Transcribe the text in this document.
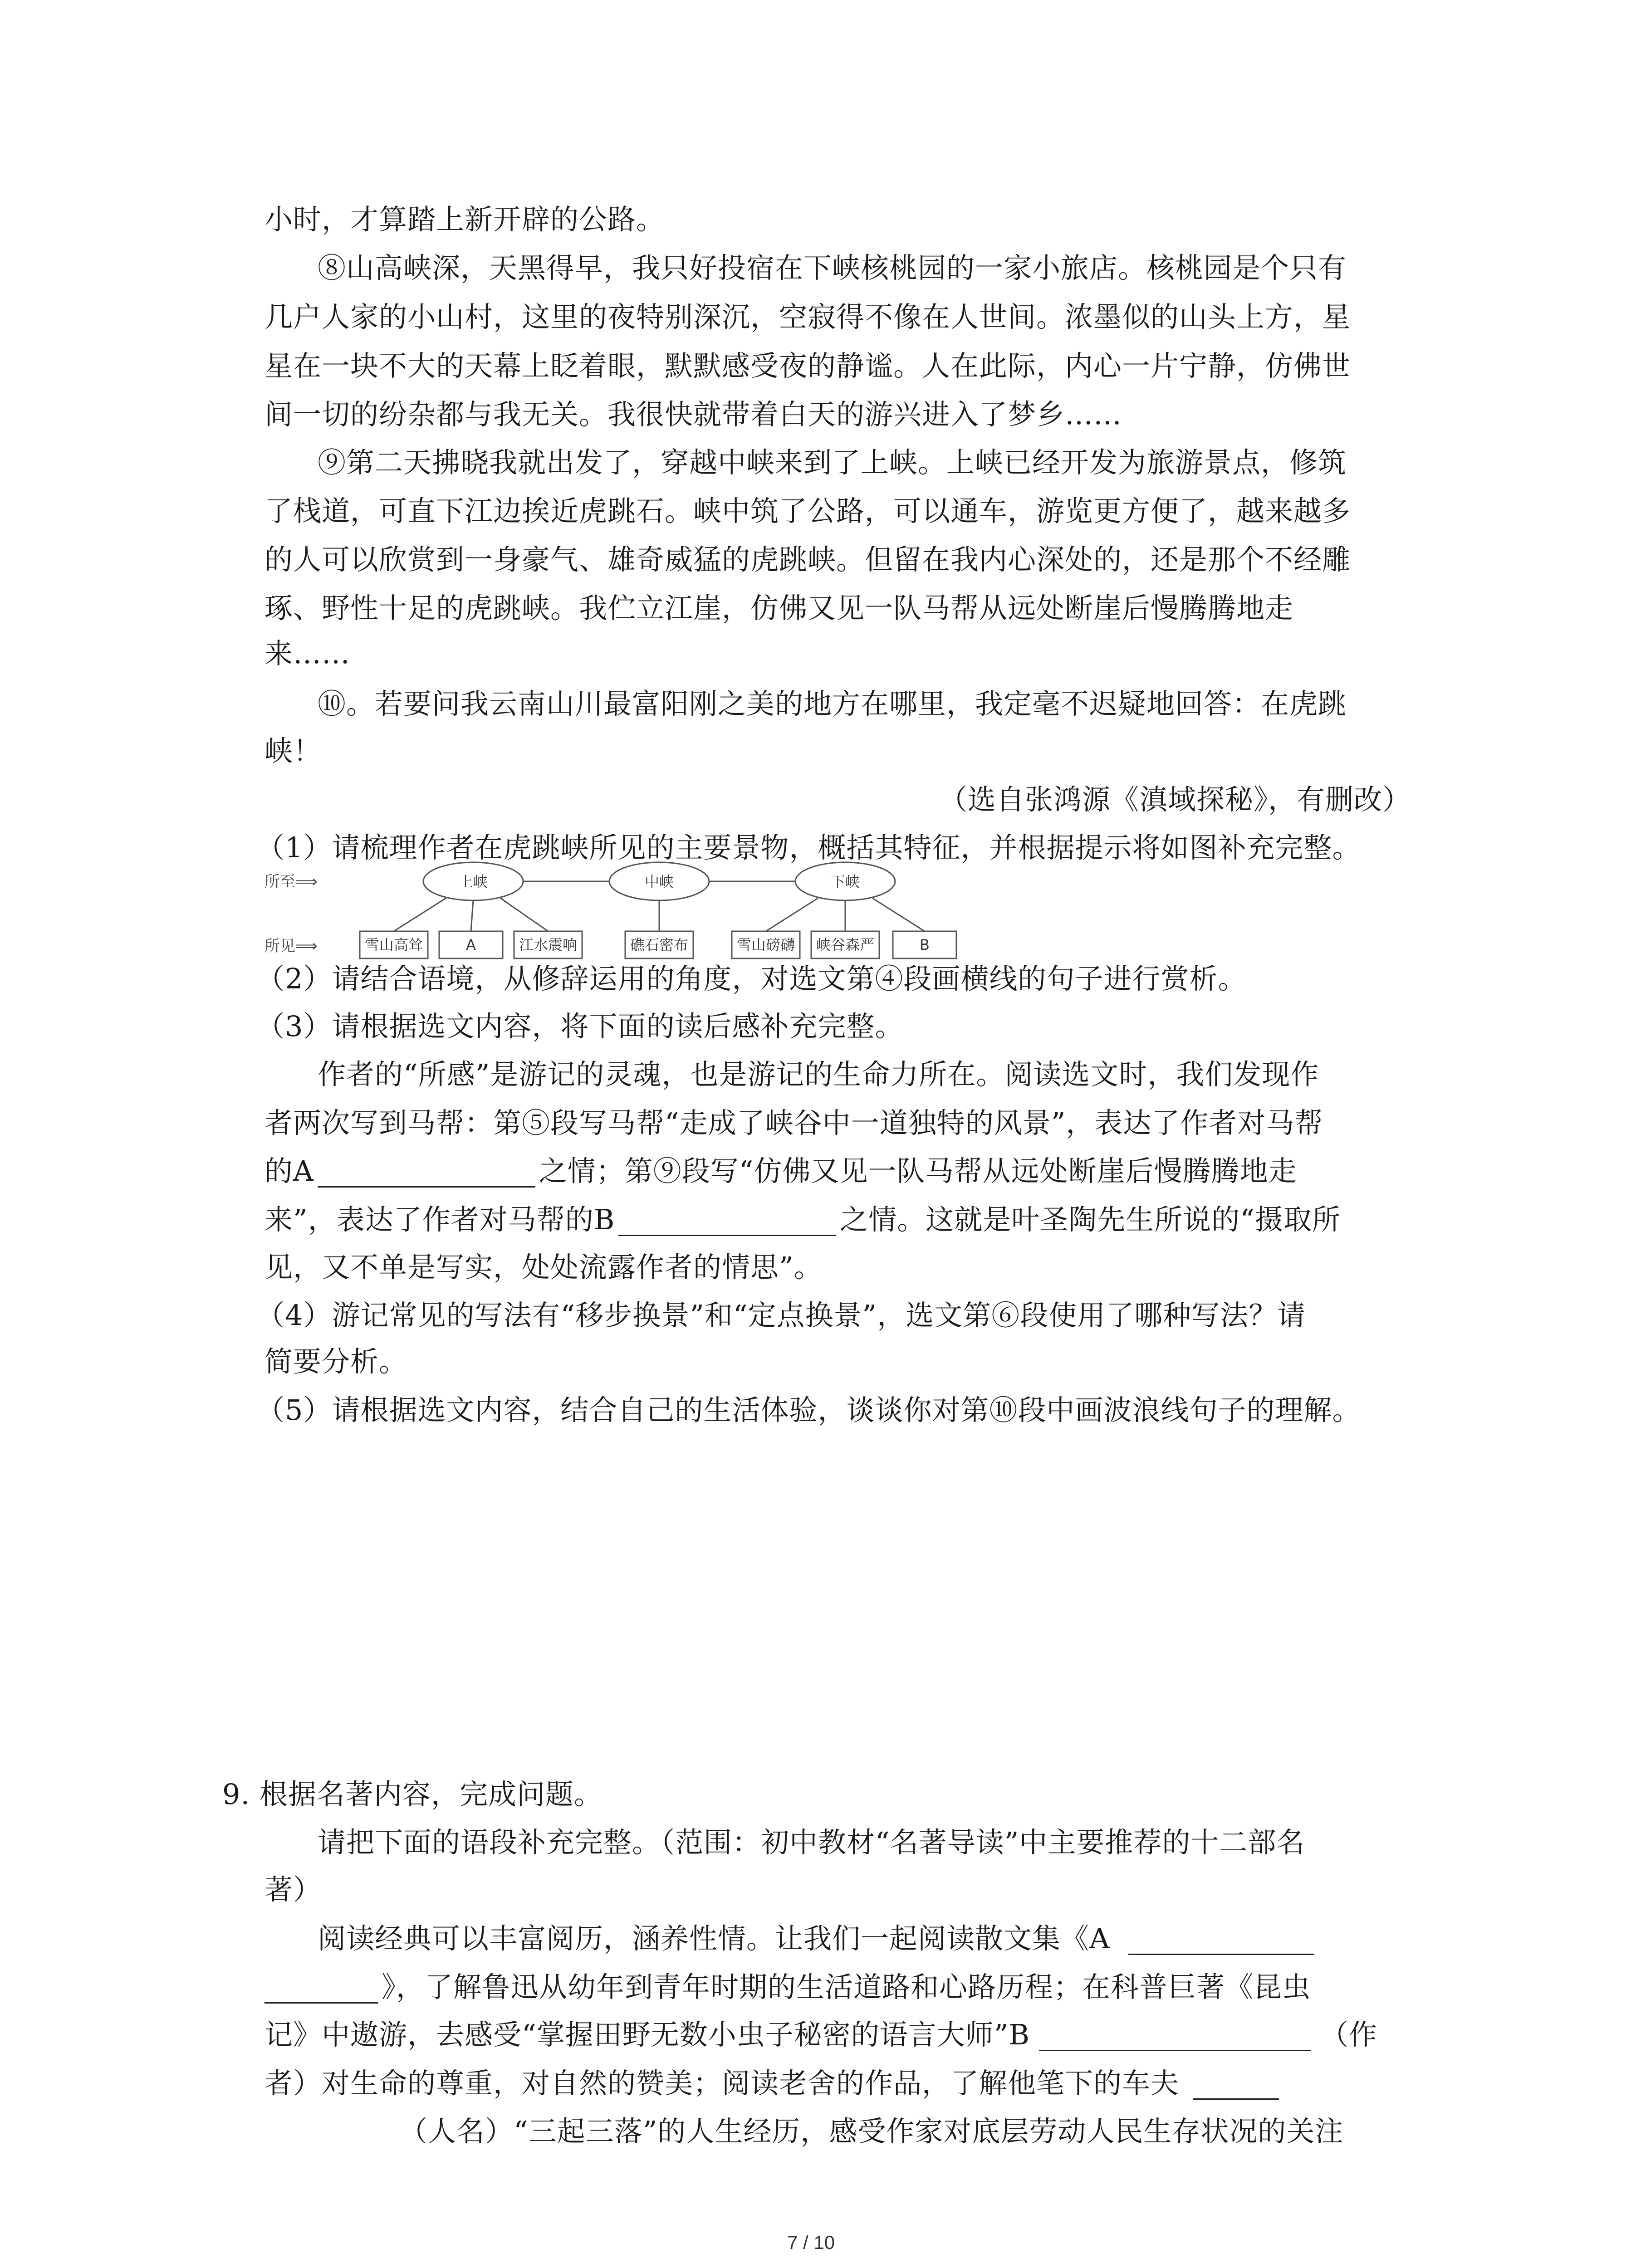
小时，才算踏上新开辟的公路。
⑧山高峡深，天黑得早，我只好投宿在下峡核桃园的一家小旅店。核桃园是个只有
几户人家的小山村，这里的夜特别深沉，空寂得不像在人世间。浓墨似的山头上方，星
星在一块不大的天幕上眨着眼，默默感受夜的静谧。人在此际，内心一片宁静，仿佛世
间一切的纷杂都与我无关。我很快就带着白天的游兴进入了梦乡……
⑨第二天拂晓我就出发了，穿越中峡来到了上峡。上峡已经开发为旅游景点，修筑
了栈道，可直下江边挨近虎跳石。峡中筑了公路，可以通车，游览更方便了，越来越多
的人可以欣赏到一身豪气、雄奇威猛的虎跳峡。但留在我内心深处的，还是那个不经雕
琢、野性十足的虎跳峡。我伫立江崖，仿佛又见一队马帮从远处断崖后慢腾腾地走
来……
⑩。若要问我云南山川最富阳刚之美的地方在哪里，我定毫不迟疑地回答：在虎跳
峡！
（选自张鸿源《滇域探秘》，有删改）
（1）请梳理作者在虎跳峡所见的主要景物，概括其特征，并根据提示将如图补充完整。
所至⟹
所见⟹
上峡	中峡	下峡
雪山高耸	A	江水震响	礁石密布	雪山磅礴 峡谷森严	B
（2）请结合语境，从修辞运用的角度，对选文第④段画横线的句子进行赏析。
（3）请根据选文内容，将下面的读后感补充完整。
作者的“所感”是游记的灵魂，也是游记的生命力所在。阅读选文时，我们发现作
者两次写到马帮：第⑤段写马帮“走成了峡谷中一道独特的风景”，表达了作者对马帮
的A	之情；第⑨段写“仿佛又见一队马帮从远处断崖后慢腾腾地走
来”，表达了作者对马帮的B	之情。这就是叶圣陶先生所说的“摄取所
见，又不单是写实，处处流露作者的情思”。
（4）游记常见的写法有“移步换景”和“定点换景”，选文第⑥段使用了哪种写法？请
简要分析。
（5）请根据选文内容，结合自己的生活体验，谈谈你对第⑩段中画波浪线句子的理解。
9. 根据名著内容，完成问题。
请把下面的语段补充完整。（范围：初中教材“名著导读”中主要推荐的十二部名
著）
阅读经典可以丰富阅历，涵养性情。让我们一起阅读散文集《A
》，了解鲁迅从幼年到青年时期的生活道路和心路历程；在科普巨著《昆虫
记》中遨游，去感受“掌握田野无数小虫子秘密的语言大师”B	（作
者）对生命的尊重，对自然的赞美；阅读老舍的作品，了解他笔下的车夫
（人名）“三起三落”的人生经历，感受作家对底层劳动人民生存状况的关注
7 / 10
